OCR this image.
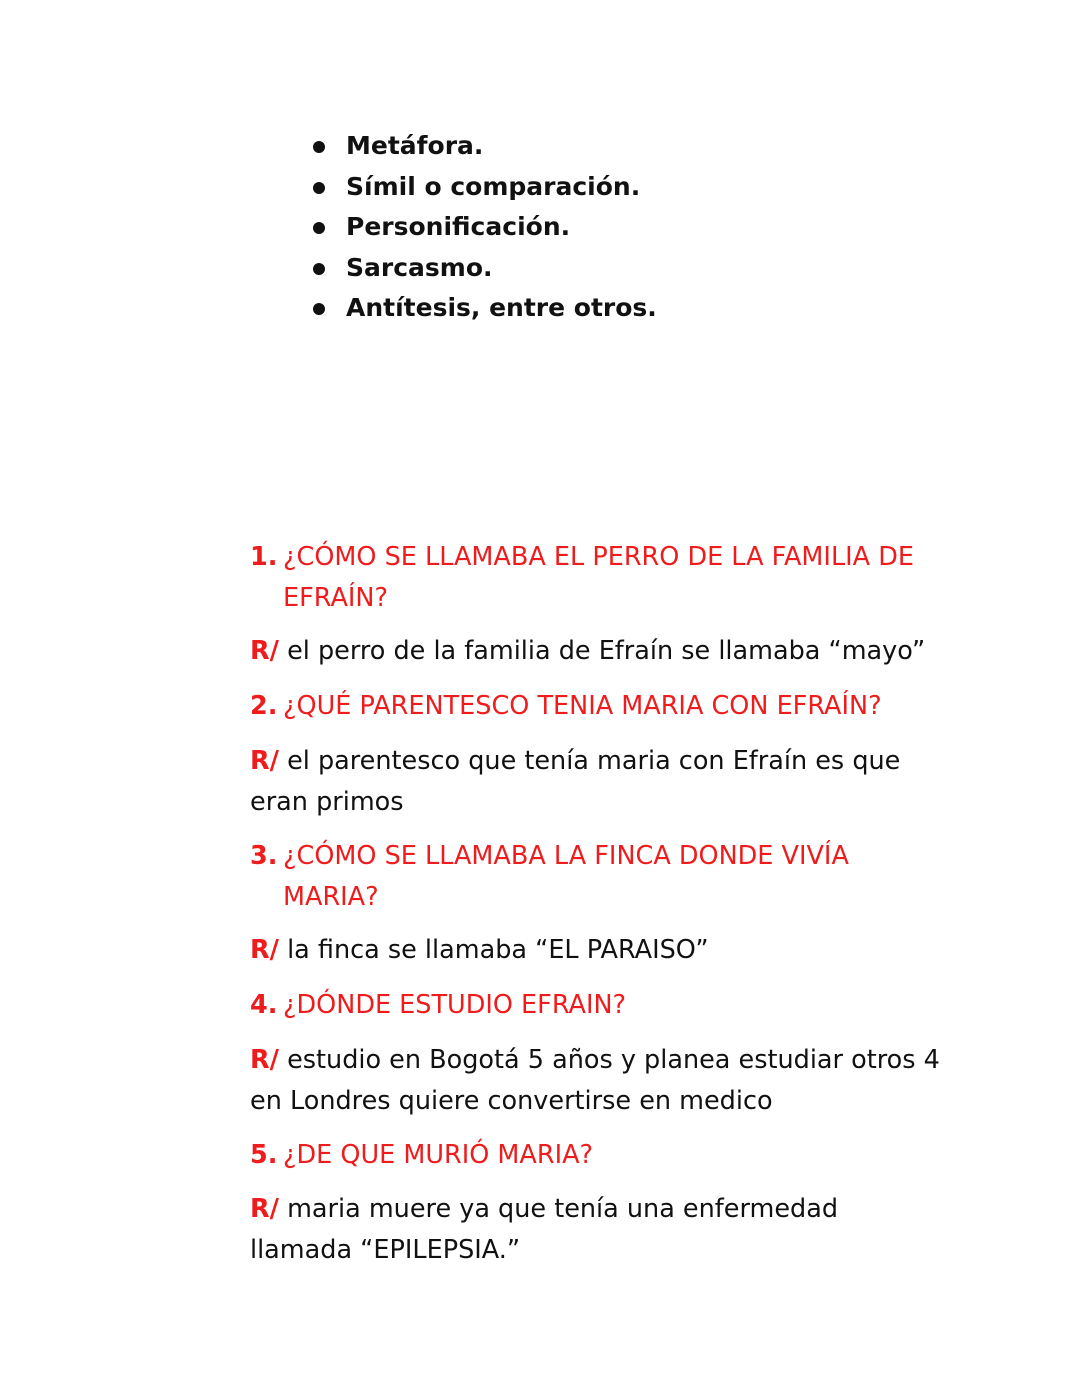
Metáfora.
Símil o comparación.
Personificación.
Sarcasmo.
Antítesis, entre otros.
1. ¿CÓMO SE LLAMABA EL PERRO DE LA FAMILIA DE EFRAÍN?
R/ el perro de la familia de Efraín se llamaba “mayo”
2. ¿QUÉ PARENTESCO TENIA MARIA CON EFRAÍN?
R/ el parentesco que tenía maria con Efraín es que eran primos
3. ¿CÓMO SE LLAMABA LA FINCA DONDE VIVÍA MARIA?
R/ la finca se llamaba “EL PARAISO”
4. ¿DÓNDE ESTUDIO EFRAIN?
R/ estudio en Bogotá 5 años y planea estudiar otros 4 en Londres quiere convertirse en medico
5. ¿DE QUE MURIÓ MARIA?
R/ maria muere ya que tenía una enfermedad llamada “EPILEPSIA.”
